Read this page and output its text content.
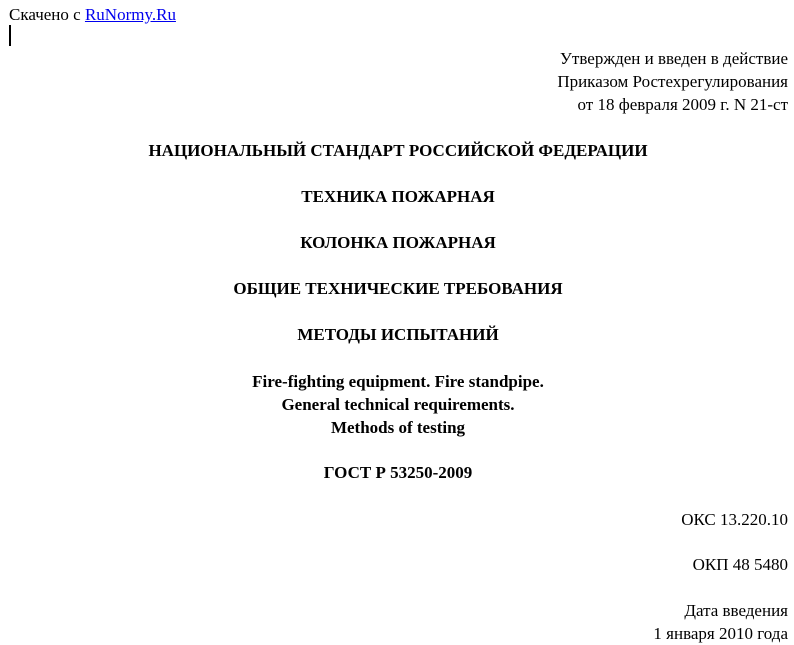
Скачено с RuNormy.Ru
Утвержден и введен в действие
Приказом Ростехрегулирования
от 18 февраля 2009 г. N 21-ст
НАЦИОНАЛЬНЫЙ СТАНДАРТ РОССИЙСКОЙ ФЕДЕРАЦИИ
ТЕХНИКА ПОЖАРНАЯ
КОЛОНКА ПОЖАРНАЯ
ОБЩИЕ ТЕХНИЧЕСКИЕ ТРЕБОВАНИЯ
МЕТОДЫ ИСПЫТАНИЙ
Fire-fighting equipment. Fire standpipe.
General technical requirements.
Methods of testing
ГОСТ Р 53250-2009
ОКС 13.220.10
ОКП 48 5480
Дата введения
1 января 2010 года
